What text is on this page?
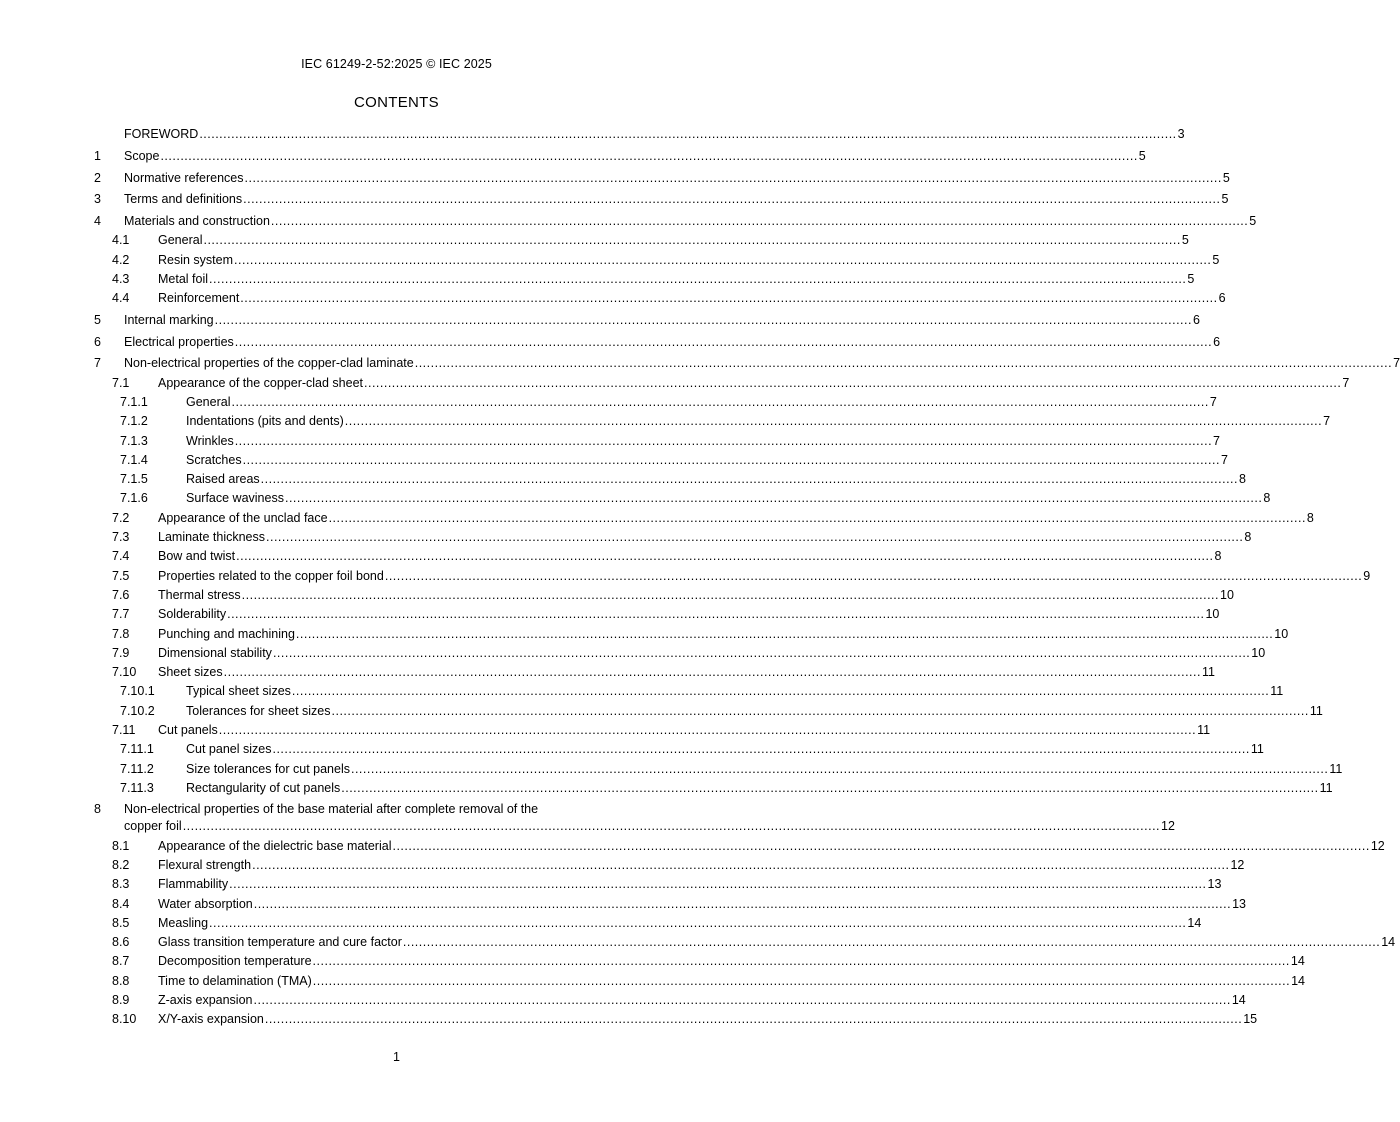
IEC 61249-2-52:2025 © IEC 2025
CONTENTS
FOREWORD .....	3
1	Scope .....	5
2	Normative references .....	5
3	Terms and definitions .....	5
4	Materials and construction .....	5
4.1	General .....	5
4.2	Resin system .....	5
4.3	Metal foil .....	5
4.4	Reinforcement .....	6
5	Internal marking .....	6
6	Electrical properties .....	6
7	Non-electrical properties of the copper-clad laminate .....	7
7.1	Appearance of the copper-clad sheet .....	7
7.1.1	General .....	7
7.1.2	Indentations (pits and dents) .....	7
7.1.3	Wrinkles .....	7
7.1.4	Scratches .....	7
7.1.5	Raised areas .....	8
7.1.6	Surface waviness .....	8
7.2	Appearance of the unclad face .....	8
7.3	Laminate thickness .....	8
7.4	Bow and twist .....	8
7.5	Properties related to the copper foil bond .....	9
7.6	Thermal stress .....	10
7.7	Solderability .....	10
7.8	Punching and machining .....	10
7.9	Dimensional stability .....	10
7.10	Sheet sizes .....	11
7.10.1	Typical sheet sizes .....	11
7.10.2	Tolerances for sheet sizes .....	11
7.11	Cut panels .....	11
7.11.1	Cut panel sizes .....	11
7.11.2	Size tolerances for cut panels .....	11
7.11.3	Rectangularity of cut panels .....	11
8	Non-electrical properties of the base material after complete removal of the
copper foil .....	12
8.1	Appearance of the dielectric base material .....	12
8.2	Flexural strength .....	12
8.3	Flammability .....	13
8.4	Water absorption .....	13
8.5	Measling .....	14
8.6	Glass transition temperature and cure factor .....	14
8.7	Decomposition temperature .....	14
8.8	Time to delamination (TMA) .....	14
8.9	Z-axis expansion .....	14
8.10	X/Y-axis expansion .....	15
1
